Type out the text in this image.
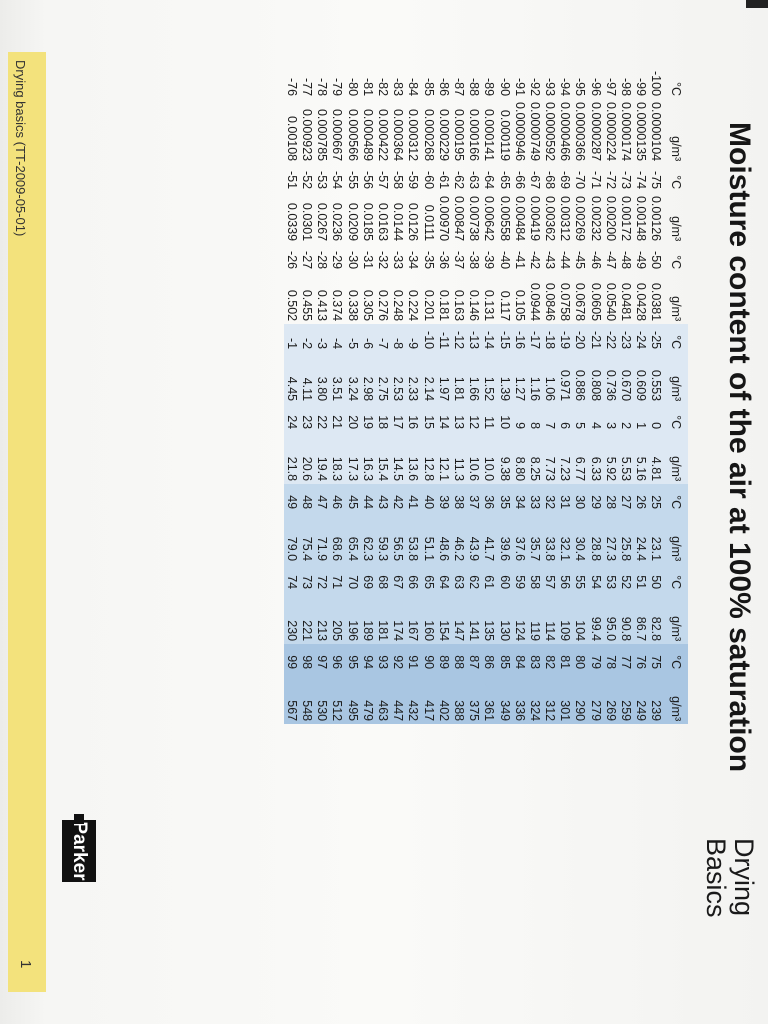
Drying basics (TT-2009-05-01)
1
Moisture content of the air at 100% saturation
Drying
Basics
°C	g/m³	°C	g/m³	°C	g/m³	°C	g/m³	°C	g/m³	°C	g/m³	°C	g/m³	°C	g/m³
-100	0.0000104	-75	0.00126	-50	0.0381	-25	0.553	0	4.81	25	23.1	50	82.8	75	239
-99	0.0000135	-74	0.00148	-49	0.0428	-24	0.609	1	5.16	26	24.4	51	86.7	76	249
-98	0.0000174	-73	0.00172	-48	0.0481	-23	0.670	2	5.53	27	25.8	52	90.8	77	259
-97	0.0000224	-72	0.00200	-47	0.0540	-22	0.736	3	5.92	28	27.3	53	95.0	78	269
-96	0.0000287	-71	0.00232	-46	0.0605	-21	0.808	4	6.33	29	28.8	54	99.4	79	279
-95	0.0000366	-70	0.00269	-45	0.0678	-20	0.886	5	6.77	30	30.4	55	104	80	290
-94	0.0000466	-69	0.00312	-44	0.0758	-19	0.971	6	7.23	31	32.1	56	109	81	301
-93	0.0000592	-68	0.00362	-43	0.0846	-18	1.06	7	7.73	32	33.8	57	114	82	312
-92	0.0000749	-67	0.00419	-42	0.0944	-17	1.16	8	8.25	33	35.7	58	119	83	324
-91	0.0000946	-66	0.00484	-41	0.105	-16	1.27	9	8.80	34	37.6	59	124	84	336
-90	0.000119	-65	0.00558	-40	0.117	-15	1.39	10	9.38	35	39.6	60	130	85	349
-89	0.000141	-64	0.00642	-39	0.131	-14	1.52	11	10.0	36	41.7	61	135	86	361
-88	0.000166	-63	0.00738	-38	0.146	-13	1.66	12	10.6	37	43.9	62	141	87	375
-87	0.000195	-62	0.00847	-37	0.163	-12	1.81	13	11.3	38	46.2	63	147	88	388
-86	0.000229	-61	0.00970	-36	0.181	-11	1.97	14	12.1	39	48.6	64	154	89	402
-85	0.000268	-60	0.0111	-35	0.201	-10	2.14	15	12.8	40	51.1	65	160	90	417
-84	0.000312	-59	0.0126	-34	0.224	-9	2.33	16	13.6	41	53.8	66	167	91	432
-83	0.000364	-58	0.0144	-33	0.248	-8	2.53	17	14.5	42	56.5	67	174	92	447
-82	0.000422	-57	0.0163	-32	0.276	-7	2.75	18	15.4	43	59.3	68	181	93	463
-81	0.000489	-56	0.0185	-31	0.305	-6	2.98	19	16.3	44	62.3	69	189	94	479
-80	0.000566	-55	0.0209	-30	0.338	-5	3.24	20	17.3	45	65.4	70	196	95	495
-79	0.000667	-54	0.0236	-29	0.374	-4	3.51	21	18.3	46	68.6	71	205	96	512
-78	0.000785	-53	0.0267	-28	0.413	-3	3.80	22	19.4	47	71.9	72	213	97	530
-77	0.000923	-52	0.0301	-27	0.455	-2	4.11	23	20.6	48	75.4	73	221	98	548
-76	0.00108	-51	0.0339	-26	0.502	-1	4.45	24	21.8	49	79.0	74	230	99	567
Parker
